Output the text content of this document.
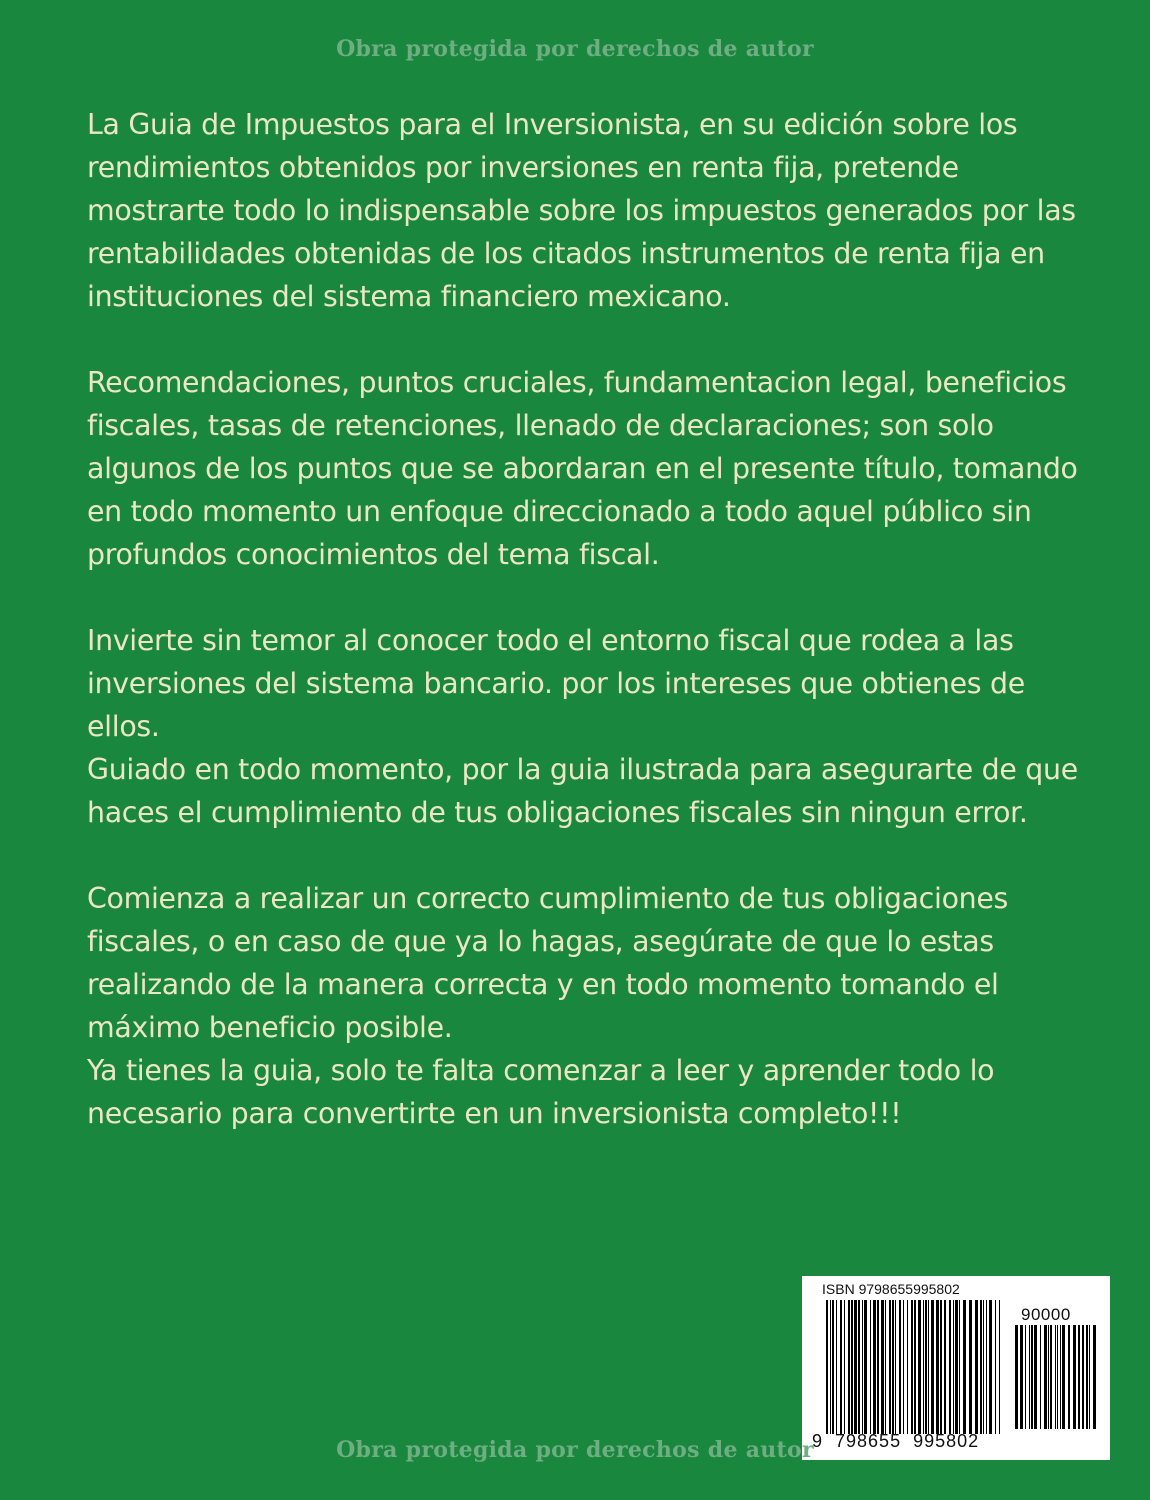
Obra protegida por derechos de autor

La Guia de Impuestos para el Inversionista, en su edición sobre los rendimientos obtenidos por inversiones en renta fija, pretende mostrarte todo lo indispensable sobre los impuestos generados por las rentabilidades obtenidas de los citados instrumentos de renta fija en instituciones del sistema financiero mexicano.

Recomendaciones, puntos cruciales, fundamentacion legal, beneficios fiscales, tasas de retenciones, llenado de declaraciones; son solo algunos de los puntos que se abordaran en el presente título, tomando en todo momento un enfoque direccionado a todo aquel público sin profundos conocimientos del tema fiscal.

Invierte sin temor al conocer todo el entorno fiscal que rodea a las inversiones del sistema bancario. por los intereses que obtienes de ellos.

Guiado en todo momento, por la guia ilustrada para asegurarte de que haces el cumplimiento de tus obligaciones fiscales sin ningun error.

Comienza a realizar un correcto cumplimiento de tus obligaciones fiscales, o en caso de que ya lo hagas, asegúrate de que lo estas realizando de la manera correcta y en todo momento tomando el máximo beneficio posible.

Ya tienes la guia, solo te falta comenzar a leer y aprender todo lo necesario para convertirte en un inversionista completo!!!

ISBN 9798655995802
90000
9  798655  995802
Obra protegida por derechos de autor
